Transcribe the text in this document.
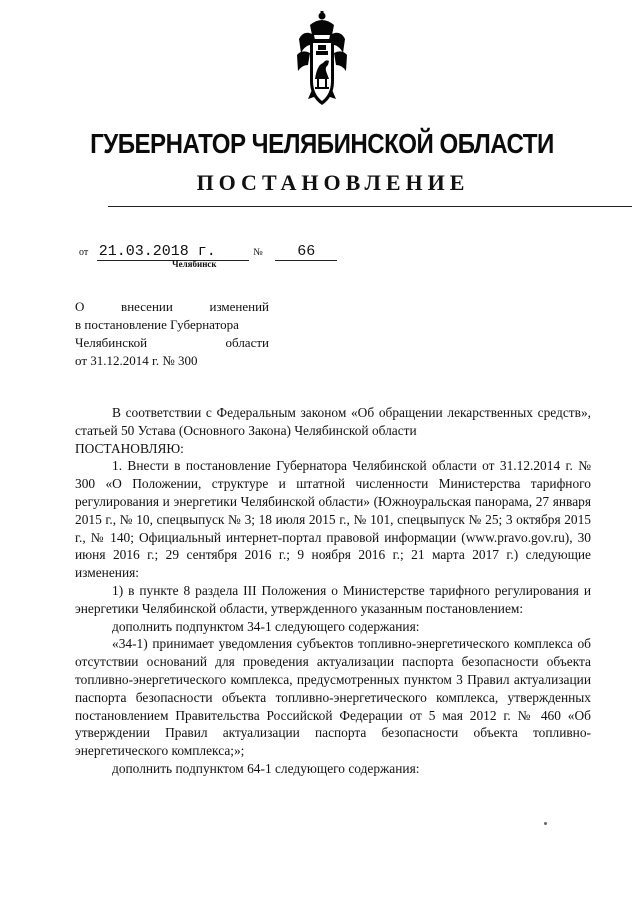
ГУБЕРНАТОР ЧЕЛЯБИНСКОЙ ОБЛАСТИ
ПОСТАНОВЛЕНИЕ
от 21.03.2018 г.	№ 66
Челябинск
О внесении изменений
в постановление Губернатора
Челябинской области
от 31.12.2014 г. № 300

В соответствии с Федеральным законом «Об обращении лекарственных средств», статьей 50 Устава (Основного Закона) Челябинской области

ПОСТАНОВЛЯЮ:

1. Внести в постановление Губернатора Челябинской области от 31.12.2014 г. № 300 «О Положении, структуре и штатной численности Министерства тарифного регулирования и энергетики Челябинской области» (Южноуральская панорама, 27 января 2015 г., № 10, спецвыпуск № 3; 18 июля 2015 г., № 101, спецвыпуск № 25; 3 октября 2015 г., № 140; Официальный интернет-портал правовой информации (www.pravo.gov.ru), 30 июня 2016 г.; 29 сентября 2016 г.; 9 ноября 2016 г.; 21 марта 2017 г.) следующие изменения:

1) в пункте 8 раздела III Положения о Министерстве тарифного регулирования и энергетики Челябинской области, утвержденного указанным постановлением:

дополнить подпунктом 34-1 следующего содержания:

«34-1) принимает уведомления субъектов топливно-энергетического комплекса об отсутствии оснований для проведения актуализации паспорта безопасности объекта топливно-энергетического комплекса, предусмотренных пунктом 3 Правил актуализации паспорта безопасности объекта топливно-энергетического комплекса, утвержденных постановлением Правительства Российской Федерации от 5 мая 2012 г. № 460 «Об утверждении Правил актуализации паспорта безопасности объекта топливно-энергетического комплекса;»;

дополнить подпунктом 64-1 следующего содержания:
